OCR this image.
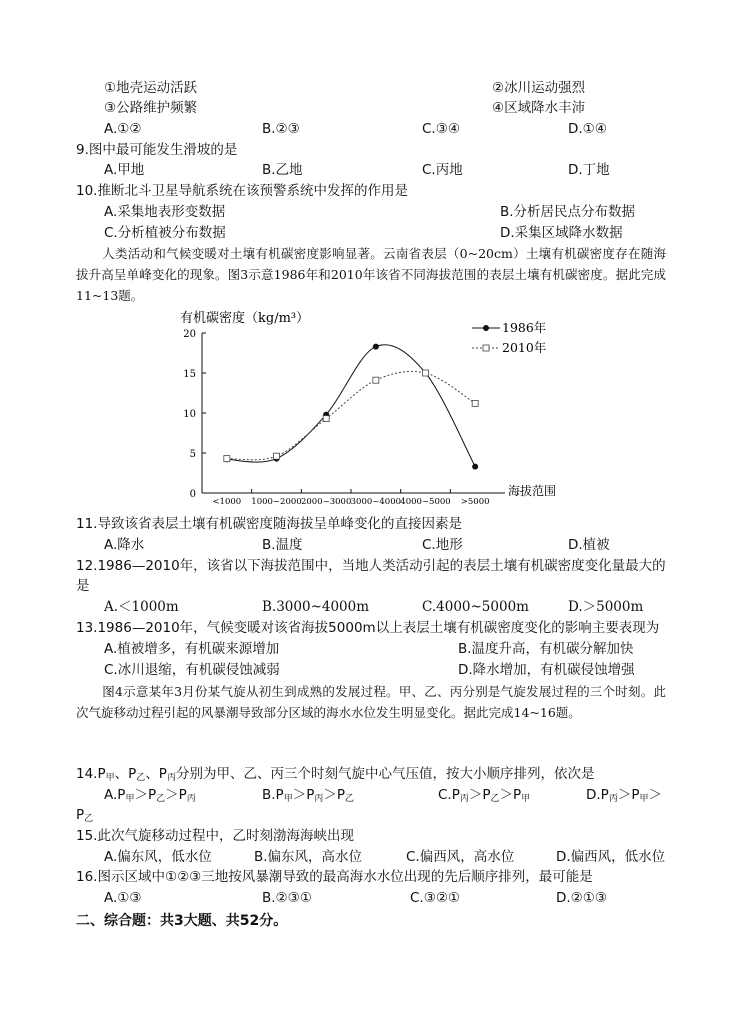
①地壳运动活跃	②冰川运动强烈
③公路维护频繁	④区域降水丰沛
A.①②	B.②③	C.③④	D.①④
9.图中最可能发生滑坡的是
A.甲地	B.乙地	C.丙地	D.丁地
10.推断北斗卫星导航系统在该预警系统中发挥的作用是
A.采集地表形变数据	B.分析居民点分布数据
C.分析植被分布数据	D.采集区域降水数据
人类活动和气候变暖对土壤有机碳密度影响显著。云南省表层（0~20cm）土壤有机碳密度存在随海拔升高呈单峰变化的现象。图3示意1986年和2010年该省不同海拔范围的表层土壤有机碳密度。据此完成11~13题。
有机碳密度（kg/m³）
0
5
10
15
20
<1000 1000~2000 2000~3000 3000~4000 4000~5000 >5000
海拔范围
1986年
2010年
11.导致该省表层土壤有机碳密度随海拔呈单峰变化的直接因素是
A.降水	B.温度	C.地形	D.植被
12.1986—2010年，该省以下海拔范围中，当地人类活动引起的表层土壤有机碳密度变化量最大的
是
A.＜1000m	B.3000~4000m	C.4000~5000m	D.＞5000m
13.1986—2010年，气候变暖对该省海拔5000m以上表层土壤有机碳密度变化的影响主要表现为
A.植被增多，有机碳来源增加	B.温度升高，有机碳分解加快
C.冰川退缩，有机碳侵蚀减弱	D.降水增加，有机碳侵蚀增强
图4示意某年3月份某气旋从初生到成熟的发展过程。甲、乙、丙分别是气旋发展过程的三个时刻。此次气旋移动过程引起的风暴潮导致部分区域的海水水位发生明显变化。据此完成14~16题。
$14.P_甲$、$P_乙$、$P_丙$分别为甲、乙、丙三个时刻气旋中心气压值，按大小顺序排列，依次是
$A.P_甲>P_乙>P_丙$	$B.P_甲>P_丙>P_乙$	$C.P_丙>P_乙>P_甲$	$D.P_丙>P_甲>$
$P_乙$
15.此次气旋移动过程中，乙时刻渤海海峡出现
A.偏东风，低水位	B.偏东风，高水位	C.偏西风，高水位	D.偏西风，低水位
16.图示区域中①②③三地按风暴潮导致的最高海水水位出现的先后顺序排列，最可能是
A.①③	B.②③①	C.③②①	D.②①③
二、综合题：共3大题、共52分。
